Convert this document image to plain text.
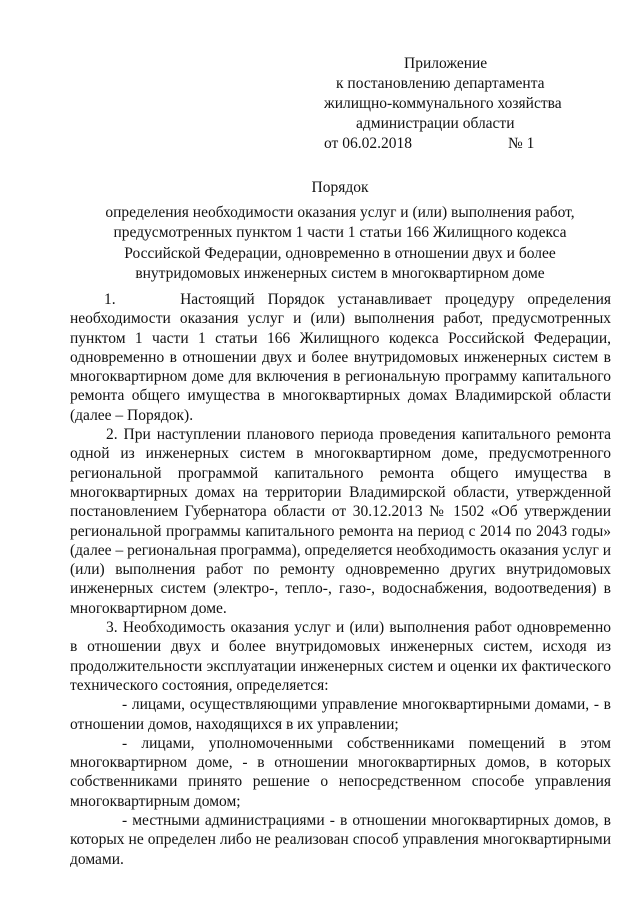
Приложение
к постановлению департамента
жилищно-коммунального хозяйства
администрации области
от 06.02.2018	№ 1
Порядок
определения необходимости оказания услуг и (или) выполнения работ,
предусмотренных пунктом 1 части 1 статьи 166 Жилищного кодекса
Российской Федерации, одновременно в отношении двух и более
внутридомовых инженерных систем в многоквартирном доме

1.     Настоящий Порядок устанавливает процедуру определения необходимости оказания услуг и (или) выполнения работ, предусмотренных пунктом 1 части 1 статьи 166 Жилищного кодекса Российской Федерации, одновременно в отношении двух и более внутридомовых инженерных систем в многоквартирном доме для включения в региональную программу капитального ремонта общего имущества в многоквартирных домах Владимирской области (далее – Порядок).

2. При наступлении планового периода проведения капитального ремонта одной из инженерных систем в многоквартирном доме, предусмотренного региональной программой капитального ремонта общего имущества в многоквартирных домах на территории Владимирской области, утвержденной постановлением Губернатора области от 30.12.2013 № 1502 «Об утверждении региональной программы капитального ремонта на период с 2014 по 2043 годы» (далее – региональная программа), определяется необходимость оказания услуг и (или) выполнения работ по ремонту одновременно других внутридомовых инженерных систем (электро-, тепло-, газо-, водоснабжения, водоотведения) в многоквартирном доме.

3. Необходимость оказания услуг и (или) выполнения работ одновременно в отношении двух и более внутридомовых инженерных систем, исходя из продолжительности эксплуатации инженерных систем и оценки их фактического технического состояния, определяется:

- лицами, осуществляющими управление многоквартирными домами, - в отношении домов, находящихся в их управлении;

- лицами, уполномоченными собственниками помещений в этом многоквартирном доме, - в отношении многоквартирных домов, в которых собственниками принято решение о непосредственном способе управления многоквартирным домом;

- местными администрациями - в отношении многоквартирных домов, в которых не определен либо не реализован способ управления многоквартирными домами.
